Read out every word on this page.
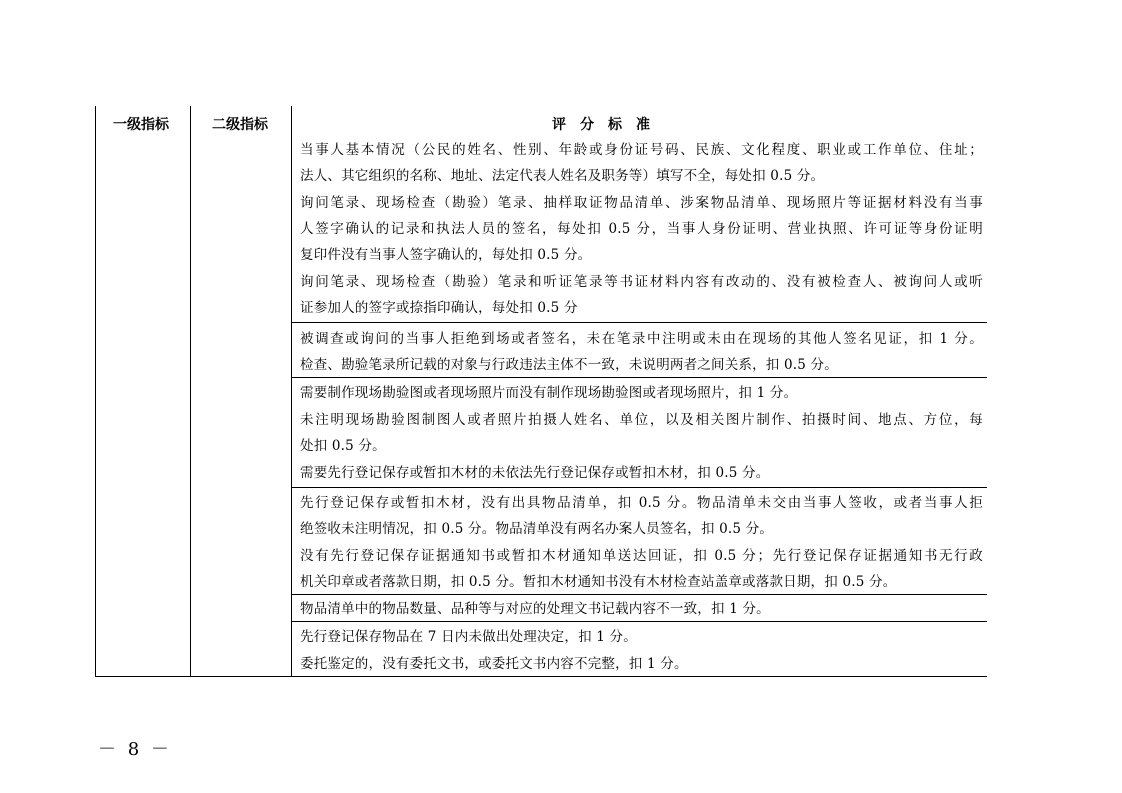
一级指标	二级指标	评　分　标　准
当事人基本情况（公民的姓名、性别、年龄或身份证号码、民族、文化程度、职业或工作单位、住址；
法人、其它组织的名称、地址、法定代表人姓名及职务等）填写不全，每处扣 0.5 分。
询问笔录、现场检查（勘验）笔录、抽样取证物品清单、涉案物品清单、现场照片等证据材料没有当事
人签字确认的记录和执法人员的签名，每处扣 0.5 分，当事人身份证明、营业执照、许可证等身份证明
复印件没有当事人签字确认的，每处扣 0.5 分。
询问笔录、现场检查（勘验）笔录和听证笔录等书证材料内容有改动的、没有被检查人、被询问人或听
证参加人的签字或捺指印确认，每处扣 0.5 分
被调查或询问的当事人拒绝到场或者签名，未在笔录中注明或未由在现场的其他人签名见证，扣 1 分。
检查、勘验笔录所记载的对象与行政违法主体不一致，未说明两者之间关系，扣 0.5 分。
需要制作现场勘验图或者现场照片而没有制作现场勘验图或者现场照片，扣 1 分。
未注明现场勘验图制图人或者照片拍摄人姓名、单位，以及相关图片制作、拍摄时间、地点、方位，每
处扣 0.5 分。
需要先行登记保存或暂扣木材的未依法先行登记保存或暂扣木材，扣 0.5 分。
先行登记保存或暂扣木材，没有出具物品清单，扣 0.5 分。物品清单未交由当事人签收，或者当事人拒
绝签收未注明情况，扣 0.5 分。物品清单没有两名办案人员签名，扣 0.5 分。
没有先行登记保存证据通知书或暂扣木材通知单送达回证，扣 0.5 分；先行登记保存证据通知书无行政
机关印章或者落款日期，扣 0.5 分。暂扣木材通知书没有木材检查站盖章或落款日期，扣 0.5 分。
物品清单中的物品数量、品种等与对应的处理文书记载内容不一致，扣 1 分。
先行登记保存物品在 7 日内未做出处理决定，扣 1 分。
委托鉴定的，没有委托文书，或委托文书内容不完整，扣 1 分。
－ 8 －
